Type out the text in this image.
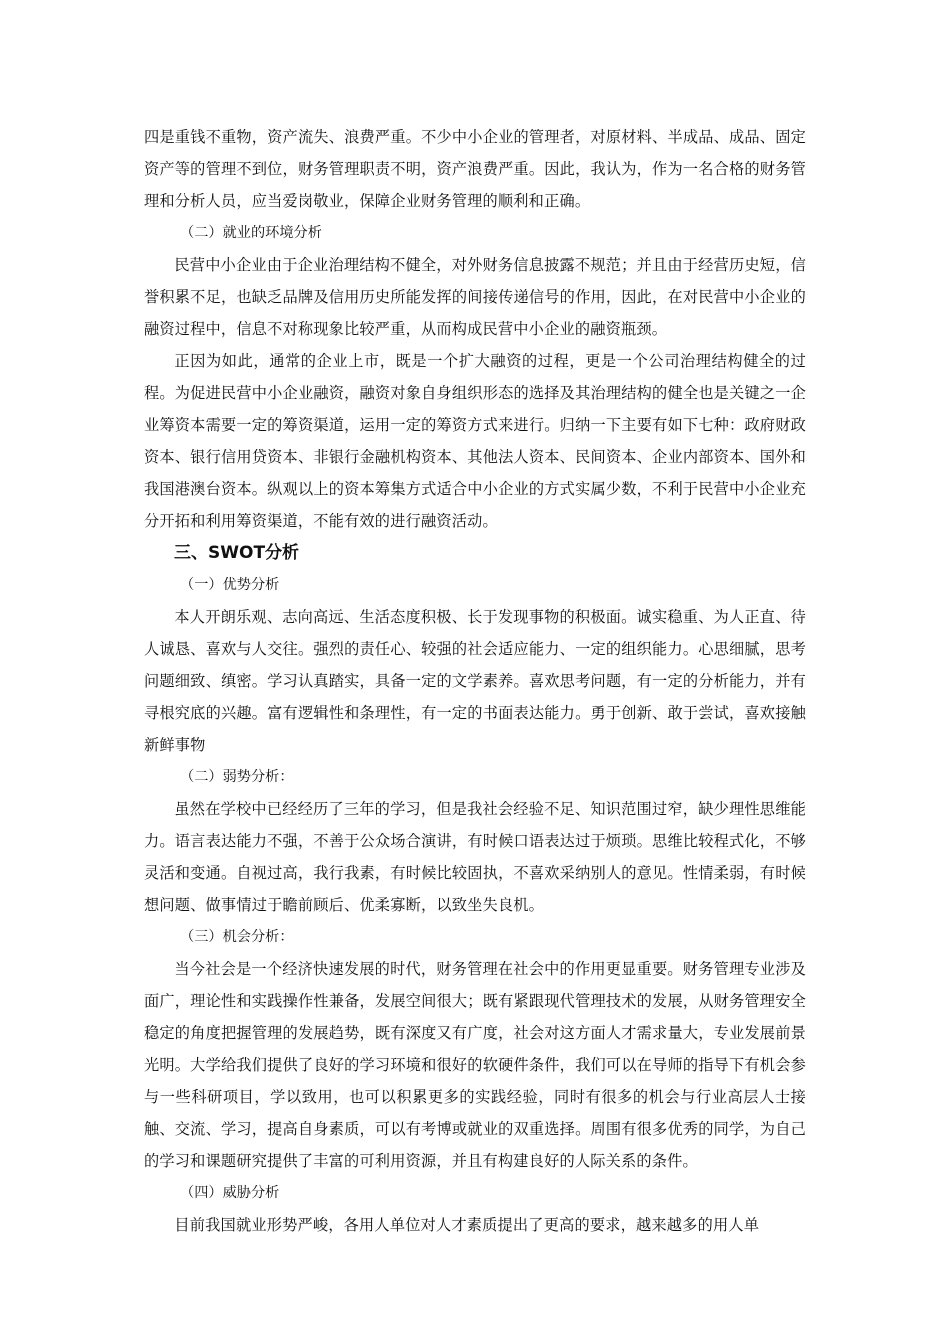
四是重钱不重物，资产流失、浪费严重。不少中小企业的管理者，对原材料、半成品、成品、固定资产等的管理不到位，财务管理职责不明，资产浪费严重。因此，我认为，作为一名合格的财务管理和分析人员，应当爱岗敬业，保障企业财务管理的顺利和正确。

（二）就业的环境分析

民营中小企业由于企业治理结构不健全，对外财务信息披露不规范；并且由于经营历史短，信誉积累不足，也缺乏品牌及信用历史所能发挥的间接传递信号的作用，因此，在对民营中小企业的融资过程中，信息不对称现象比较严重，从而构成民营中小企业的融资瓶颈。

正因为如此，通常的企业上市，既是一个扩大融资的过程，更是一个公司治理结构健全的过程。为促进民营中小企业融资，融资对象自身组织形态的选择及其治理结构的健全也是关键之一企业筹资本需要一定的筹资渠道，运用一定的筹资方式来进行。归纳一下主要有如下七种：政府财政资本、银行信用贷资本、非银行金融机构资本、其他法人资本、民间资本、企业内部资本、国外和我国港澳台资本。纵观以上的资本筹集方式适合中小企业的方式实属少数，不利于民营中小企业充分开拓和利用筹资渠道，不能有效的进行融资活动。

三、SWOT分析

（一）优势分析

本人开朗乐观、志向高远、生活态度积极、长于发现事物的积极面。诚实稳重、为人正直、待人诚恳、喜欢与人交往。强烈的责任心、较强的社会适应能力、一定的组织能力。心思细腻，思考问题细致、缜密。学习认真踏实，具备一定的文学素养。喜欢思考问题，有一定的分析能力，并有寻根究底的兴趣。富有逻辑性和条理性，有一定的书面表达能力。勇于创新、敢于尝试，喜欢接触新鲜事物

（二）弱势分析：

虽然在学校中已经经历了三年的学习，但是我社会经验不足、知识范围过窄，缺少理性思维能力。语言表达能力不强，不善于公众场合演讲，有时候口语表达过于烦琐。思维比较程式化，不够灵活和变通。自视过高，我行我素，有时候比较固执，不喜欢采纳别人的意见。性情柔弱，有时候想问题、做事情过于瞻前顾后、优柔寡断，以致坐失良机。

（三）机会分析：

当今社会是一个经济快速发展的时代，财务管理在社会中的作用更显重要。财务管理专业涉及面广，理论性和实践操作性兼备，发展空间很大；既有紧跟现代管理技术的发展，从财务管理安全稳定的角度把握管理的发展趋势，既有深度又有广度，社会对这方面人才需求量大，专业发展前景光明。大学给我们提供了良好的学习环境和很好的软硬件条件，我们可以在导师的指导下有机会参与一些科研项目，学以致用，也可以积累更多的实践经验，同时有很多的机会与行业高层人士接触、交流、学习，提高自身素质，可以有考博或就业的双重选择。周围有很多优秀的同学，为自己的学习和课题研究提供了丰富的可利用资源，并且有构建良好的人际关系的条件。

（四）威胁分析

目前我国就业形势严峻，各用人单位对人才素质提出了更高的要求，越来越多的用人单
